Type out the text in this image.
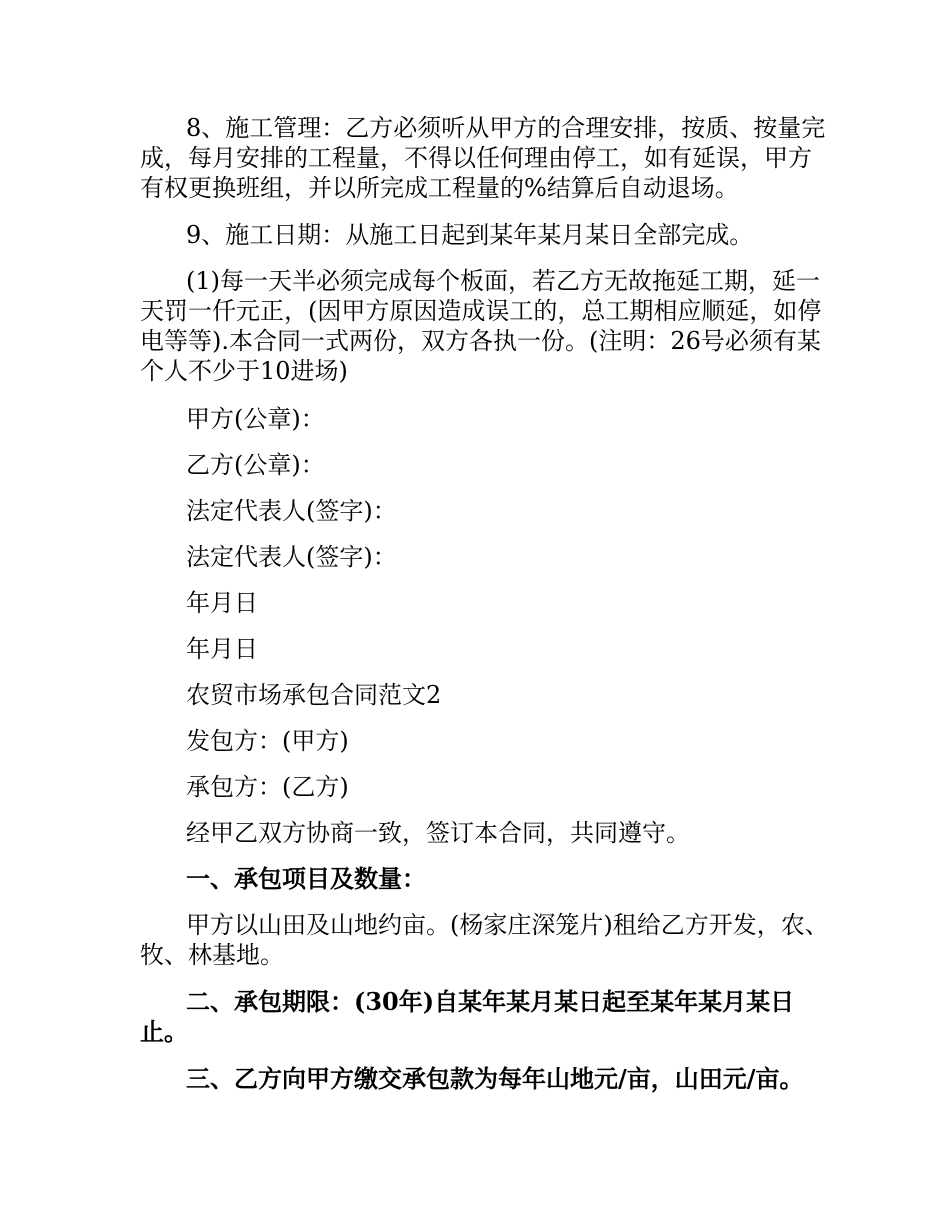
8、施工管理：乙方必须听从甲方的合理安排，按质、按量完成，每月安排的工程量，不得以任何理由停工，如有延误，甲方有权更换班组，并以所完成工程量的%结算后自动退场。
9、施工日期：从施工日起到某年某月某日全部完成。
(1)每一天半必须完成每个板面，若乙方无故拖延工期，延一天罚一仟元正，(因甲方原因造成误工的，总工期相应顺延，如停电等等).本合同一式两份，双方各执一份。(注明：26号必须有某个人不少于10进场)
甲方(公章)：
乙方(公章)：
法定代表人(签字)：
法定代表人(签字)：
年月日
年月日
农贸市场承包合同范文2
发包方：(甲方)
承包方：(乙方)
经甲乙双方协商一致，签订本合同，共同遵守。
一、承包项目及数量：
甲方以山田及山地约亩。(杨家庄深笼片)租给乙方开发，农、牧、林基地。
二、承包期限：(30年)自某年某月某日起至某年某月某日止。
三、乙方向甲方缴交承包款为每年山地元/亩，山田元/亩。
